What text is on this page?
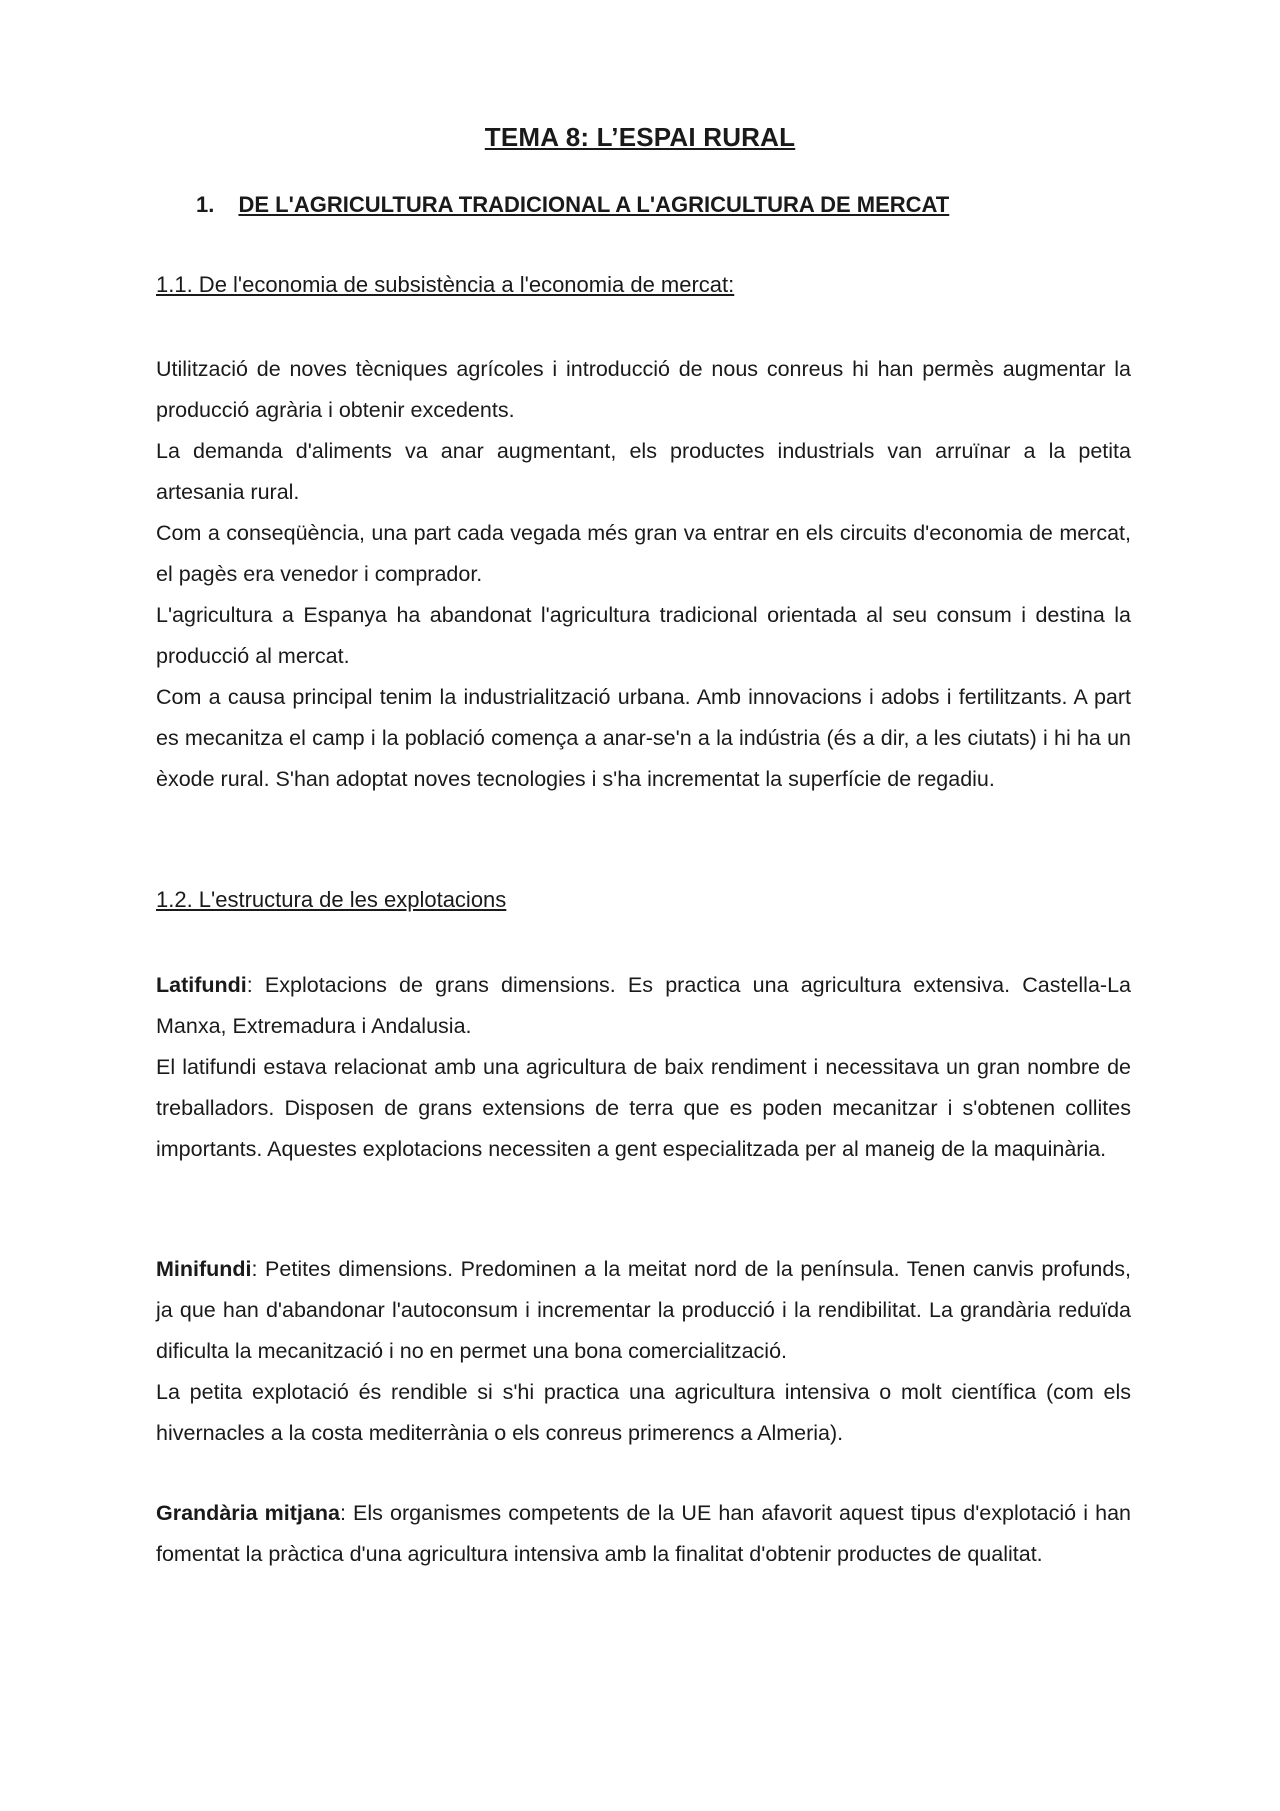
TEMA 8: L’ESPAI RURAL
1. DE L'AGRICULTURA TRADICIONAL A L'AGRICULTURA DE MERCAT
1.1. De l'economia de subsistència a l'economia de mercat:

Utilització de noves tècniques agrícoles i introducció de nous conreus hi han permès augmentar la producció agrària i obtenir excedents.

La demanda d'aliments va anar augmentant, els productes industrials van arruïnar a la petita artesania rural.

Com a conseqüència, una part cada vegada més gran va entrar en els circuits d'economia de mercat, el pagès era venedor i comprador.

L'agricultura a Espanya ha abandonat l'agricultura tradicional orientada al seu consum i destina la producció al mercat.

Com a causa principal tenim la industrialització urbana. Amb innovacions i adobs i fertilitzants. A part es mecanitza el camp i la població comença a anar-se'n a la indústria (és a dir, a les ciutats) i hi ha un èxode rural. S'han adoptat noves tecnologies i s'ha incrementat la superfície de regadiu.

1.2. L'estructura de les explotacions

Latifundi: Explotacions de grans dimensions. Es practica una agricultura extensiva. Castella-La Manxa, Extremadura i Andalusia.

El latifundi estava relacionat amb una agricultura de baix rendiment i necessitava un gran nombre de treballadors. Disposen de grans extensions de terra que es poden mecanitzar i s'obtenen collites importants. Aquestes explotacions necessiten a gent especialitzada per al maneig de la maquinària.

Minifundi: Petites dimensions. Predominen a la meitat nord de la península. Tenen canvis profunds, ja que han d'abandonar l'autoconsum i incrementar la producció i la rendibilitat. La grandària reduïda dificulta la mecanització i no en permet una bona comercialització.

La petita explotació és rendible si s'hi practica una agricultura intensiva o molt científica (com els hivernacles a la costa mediterrània o els conreus primerencs a Almeria).

Grandària mitjana: Els organismes competents de la UE han afavorit aquest tipus d'explotació i han fomentat la pràctica d'una agricultura intensiva amb la finalitat d'obtenir productes de qualitat.
